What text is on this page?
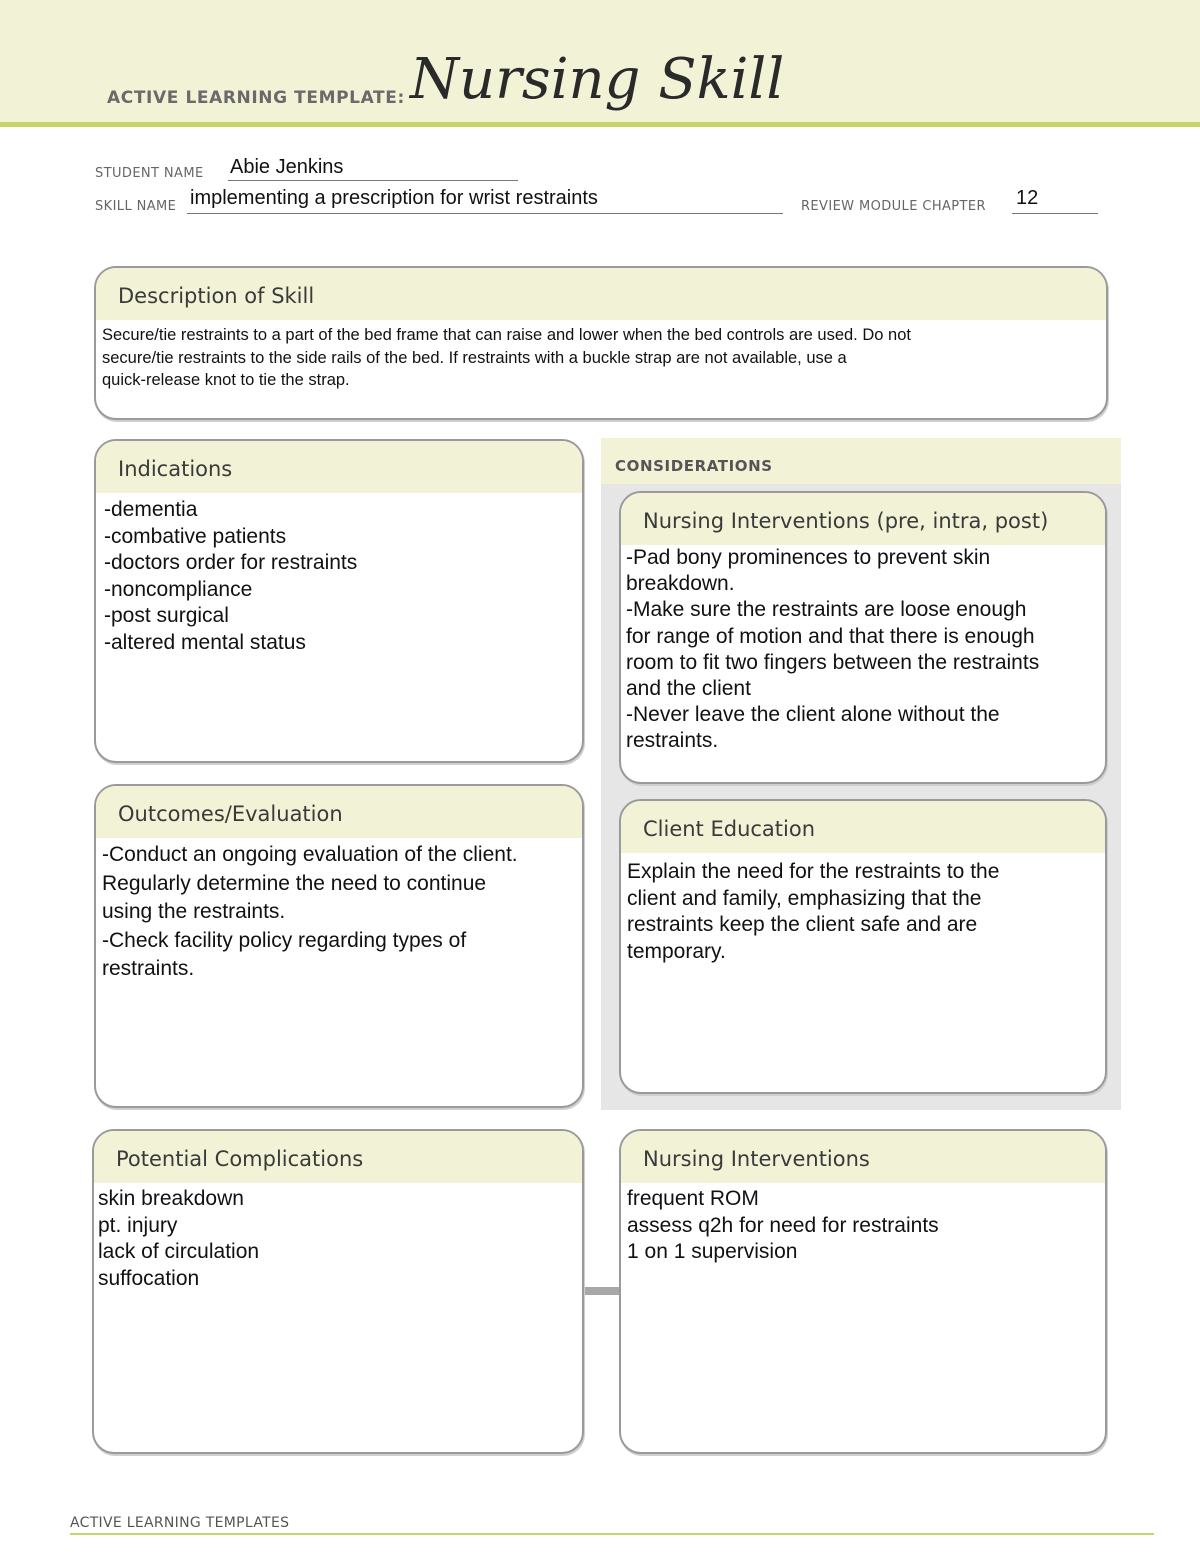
ACTIVE LEARNING TEMPLATE: Nursing Skill
STUDENT NAME Abie Jenkins
SKILL NAME implementing a prescription for wrist restraints	REVIEW MODULE CHAPTER 12
Description of Skill
Secure/tie restraints to a part of the bed frame that can raise and lower when the bed controls are used. Do not
secure/tie restraints to the side rails of the bed. If restraints with a buckle strap are not available, use a
quick-release knot to tie the strap.
Indications
-dementia
-combative patients
-doctors order for restraints
-noncompliance
-post surgical
-altered mental status
CONSIDERATIONS
Nursing Interventions (pre, intra, post)
-Pad bony prominences to prevent skin
breakdown.
-Make sure the restraints are loose enough
for range of motion and that there is enough
room to fit two fingers between the restraints
and the client
-Never leave the client alone without the
restraints.
Outcomes/Evaluation
-Conduct an ongoing evaluation of the client.
Regularly determine the need to continue
using the restraints.
-Check facility policy regarding types of
restraints.
Client Education
Explain the need for the restraints to the
client and family, emphasizing that the
restraints keep the client safe and are
temporary.
Potential Complications
skin breakdown
pt. injury
lack of circulation
suffocation
Nursing Interventions
frequent ROM
assess q2h for need for restraints
1 on 1 supervision
ACTIVE LEARNING TEMPLATES
